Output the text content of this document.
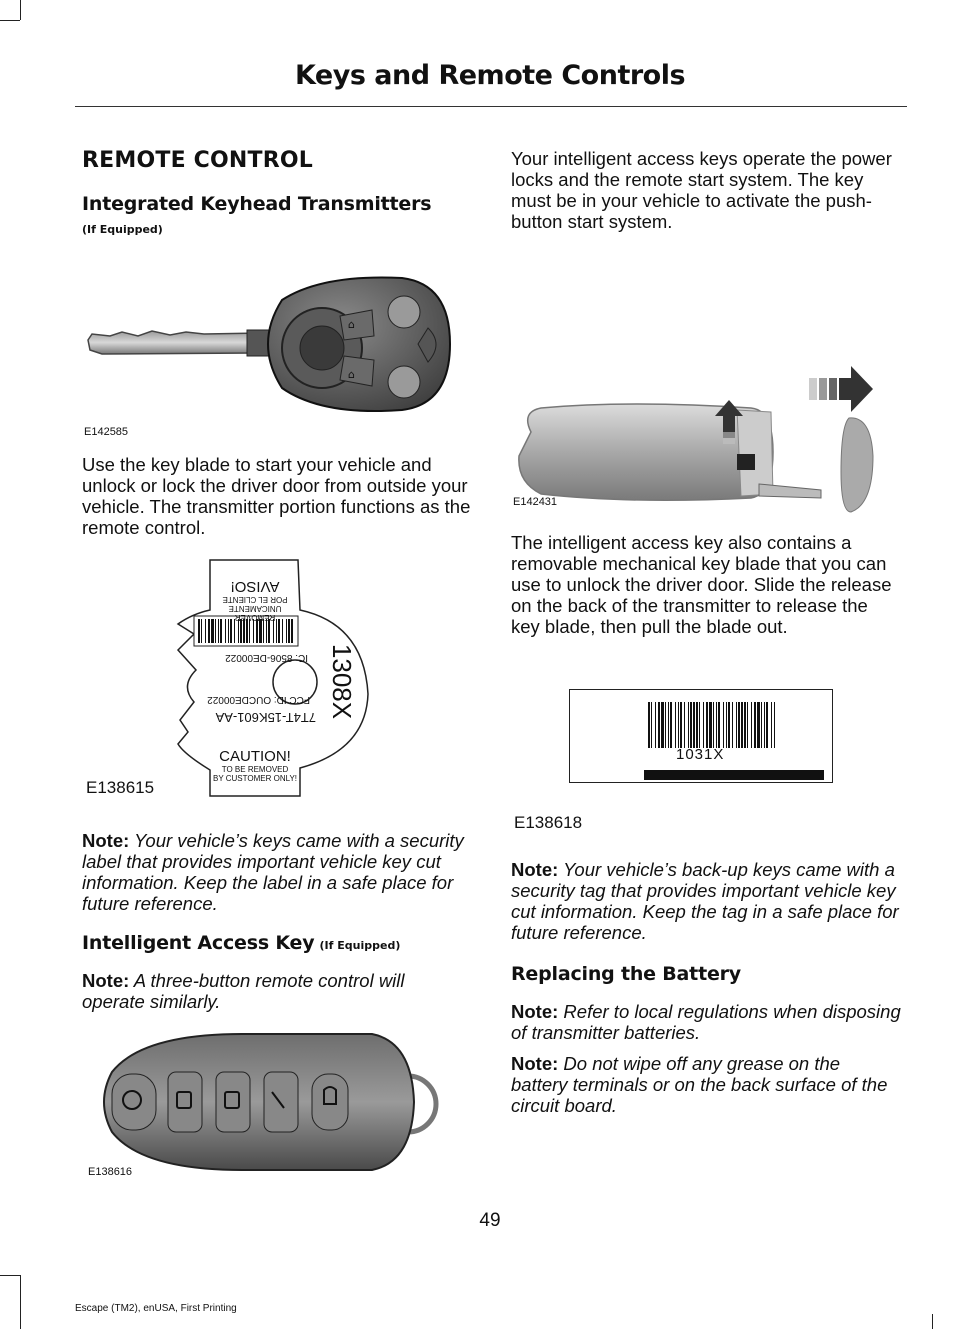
Keys and Remote Controls
REMOTE CONTROL
Integrated Keyhead Transmitters
(If Equipped)
⌂
⌂
E142585

Use the key blade to start your vehicle and unlock or lock the driver door from outside your vehicle. The transmitter portion functions as the remote control.

REMOVER UNICAMENTE
POR EL CLIENTE
AVISO!
IC: 8506-DE00022
FCC ID: OUCDE00022
7T4T-15K601-AA 1308X
CAUTION!
TO BE REMOVED
BY CUSTOMER ONLY!
E138615

Note: Your vehicle’s keys came with a security label that provides important vehicle key cut information. Keep the label in a safe place for future reference.

Intelligent Access Key (If Equipped)

Note: A three-button remote control will operate similarly.

E138616

Your intelligent access keys operate the power locks and the remote start system. The key must be in your vehicle to activate the push-button start system.

E142431

The intelligent access key also contains a removable mechanical key blade that you can use to unlock the driver door. Slide the release on the back of the transmitter to release the key blade, then pull the blade out.

1031X
E138618

Note: Your vehicle’s back-up keys came with a security tag that provides important vehicle key cut information. Keep the tag in a safe place for future reference.

Replacing the Battery

Note: Refer to local regulations when disposing of transmitter batteries.

Note: Do not wipe off any grease on the battery terminals or on the back surface of the circuit board.

49
Escape (TM2), enUSA, First Printing
